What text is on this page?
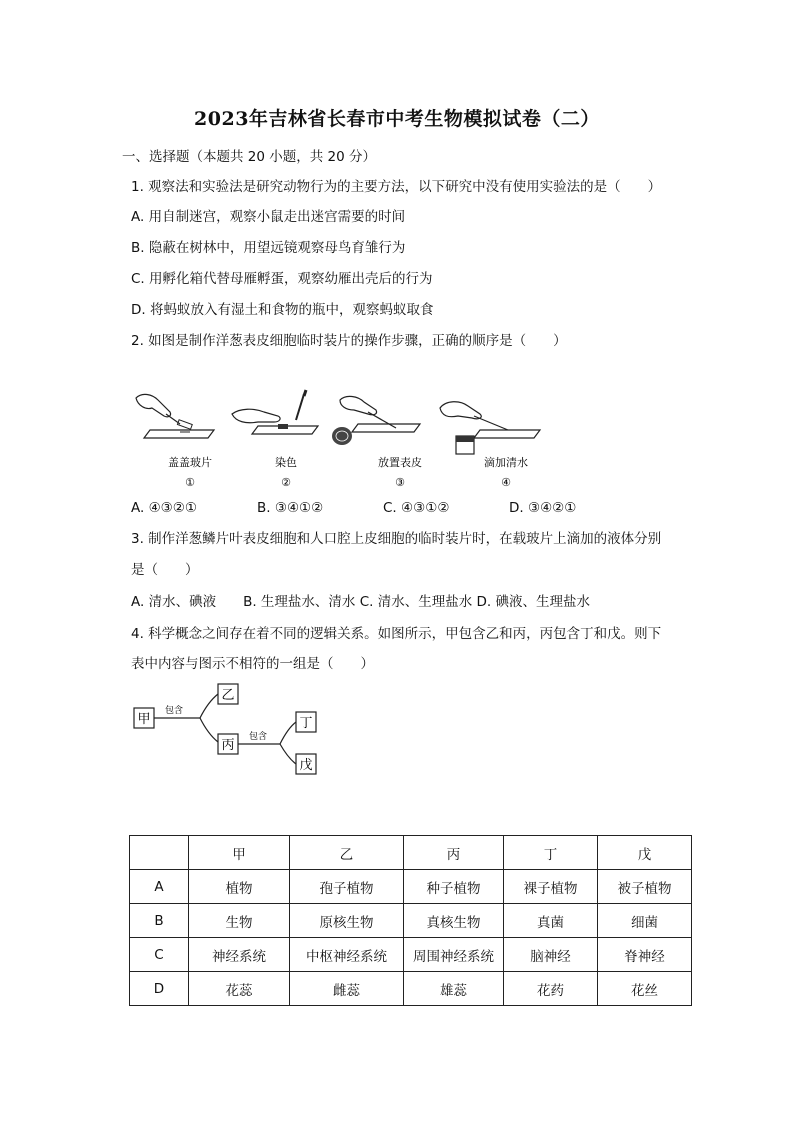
2023年吉林省长春市中考生物模拟试卷（二）
一、选择题（本题共 20 小题，共 20 分）
1. 观察法和实验法是研究动物行为的主要方法，以下研究中没有使用实验法的是（　　）
A. 用自制迷宫，观察小鼠走出迷宫需要的时间
B. 隐蔽在树林中，用望远镜观察母鸟育雏行为
C. 用孵化箱代替母雁孵蛋，观察幼雁出壳后的行为
D. 将蚂蚁放入有湿土和食物的瓶中，观察蚂蚁取食
2. 如图是制作洋葱表皮细胞临时装片的操作步骤，正确的顺序是（　　）
盖盖玻片
①
染色
②
放置表皮
③
滴加清水
④
A. ④③②①	B. ③④①②	C. ④③①②	D. ③④②①
3. 制作洋葱鳞片叶表皮细胞和人口腔上皮细胞的临时装片时，在载玻片上滴加的液体分别
是（　　）
A. 清水、碘液　　B. 生理盐水、清水 C. 清水、生理盐水 D. 碘液、生理盐水
4. 科学概念之间存在着不同的逻辑关系。如图所示，甲包含乙和丙，丙包含丁和戊。则下
表中内容与图示不相符的一组是（　　）
甲
包含
乙
丙
包含
丁
戊
	甲	乙	丙	丁	戊
A	植物	孢子植物	种子植物	裸子植物	被子植物
B	生物	原核生物	真核生物	真菌	细菌
C	神经系统	中枢神经系统	周围神经系统	脑神经	脊神经
D	花蕊	雌蕊	雄蕊	花药	花丝
